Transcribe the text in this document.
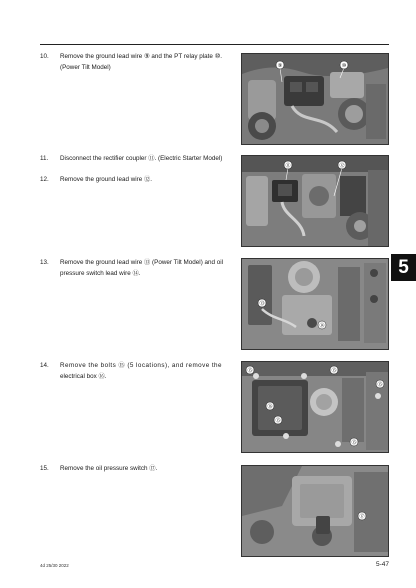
10.	Remove the ground lead wire ⑨ and the PT relay plate ⑩.
(Power Tilt Model)
11.	Disconnect the rectifier coupler ⑪. (Electric Starter Model)
12.	Remove the ground lead wire ⑫.
13.	Remove the ground lead wire ⑬ (Power Tilt Model) and oil
pressure switch lead wire ⑭.
14.	Remove the bolts ⑮ (5 locations), and remove the
electrical box ⑯.
15.	Remove the oil pressure switch ⑰.
⑨	⑩
⑪	⑫
⑬
⑭
⑯
⑮
⑮
⑮
⑮
⑮
⑰
5
4d 25/30 2022	5-47
